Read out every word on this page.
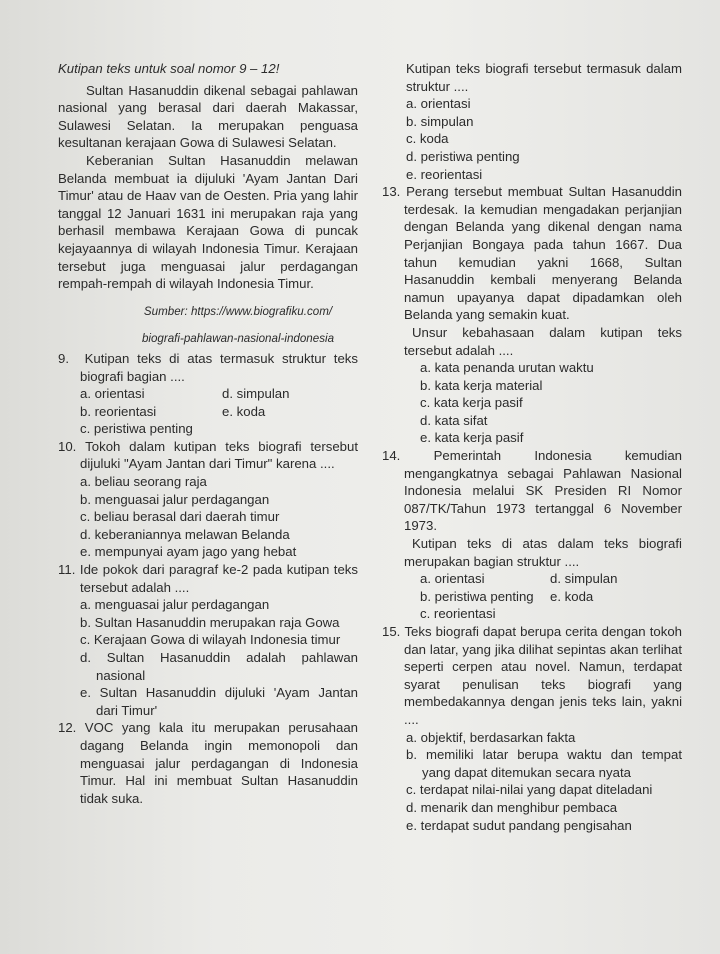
Kutipan teks untuk soal nomor 9 – 12!

Sultan Hasanuddin dikenal sebagai pahlawan nasional yang berasal dari daerah Makassar, Sulawesi Selatan. Ia merupakan penguasa kesultanan kerajaan Gowa di Sulawesi Selatan.

Keberanian Sultan Hasanuddin melawan Belanda membuat ia dijuluki 'Ayam Jantan Dari Timur' atau de Haav van de Oesten. Pria yang lahir tanggal 12 Januari 1631 ini merupakan raja yang berhasil membawa Kerajaan Gowa di puncak kejayaannya di wilayah Indonesia Timur. Kerajaan tersebut juga menguasai jalur perdagangan rempah-rempah di wilayah Indonesia Timur.

Sumber: https://www.biografiku.com/

biografi-pahlawan-nasional-indonesia

9. Kutipan teks di atas termasuk struktur teks biografi bagian ....

a. orientasi	d. simpulan
b. reorientasi	e. koda

c. peristiwa penting

10. Tokoh dalam kutipan teks biografi tersebut dijuluki "Ayam Jantan dari Timur" karena ....

a. beliau seorang raja

b. menguasai jalur perdagangan

c. beliau berasal dari daerah timur

d. keberaniannya melawan Belanda

e. mempunyai ayam jago yang hebat

11. Ide pokok dari paragraf ke-2 pada kutipan teks tersebut adalah ....

a. menguasai jalur perdagangan

b. Sultan Hasanuddin merupakan raja Gowa

c. Kerajaan Gowa di wilayah Indonesia timur

d. Sultan Hasanuddin adalah pahlawan nasional

e. Sultan Hasanuddin dijuluki 'Ayam Jantan dari Timur'

12. VOC yang kala itu merupakan perusahaan dagang Belanda ingin memonopoli dan menguasai jalur perdagangan di Indonesia Timur. Hal ini membuat Sultan Hasanuddin tidak suka.

Kutipan teks biografi tersebut termasuk dalam struktur ....

a. orientasi

b. simpulan

c. koda

d. peristiwa penting

e. reorientasi

13. Perang tersebut membuat Sultan Hasanuddin terdesak. Ia kemudian mengadakan perjanjian dengan Belanda yang dikenal dengan nama Perjanjian Bongaya pada tahun 1667. Dua tahun kemudian yakni 1668, Sultan Hasanuddin kembali menyerang Belanda namun upayanya dapat dipadamkan oleh Belanda yang semakin kuat.

Unsur kebahasaan dalam kutipan teks tersebut adalah ....

a. kata penanda urutan waktu

b. kata kerja material

c. kata kerja pasif

d. kata sifat

e. kata kerja pasif

14.	Pemerintah Indonesia kemudian mengangkatnya sebagai Pahlawan Nasional Indonesia melalui SK Presiden RI Nomor 087/TK/Tahun 1973 tertanggal 6 November 1973.

Kutipan teks di atas dalam teks biografi merupakan bagian struktur ....

a. orientasi	d. simpulan
b. peristiwa penting	e. koda

c. reorientasi

15. Teks biografi dapat berupa cerita dengan tokoh dan latar, yang jika dilihat sepintas akan terlihat seperti cerpen atau novel. Namun, terdapat syarat penulisan teks biografi yang membedakannya dengan jenis teks lain, yakni ....

a. objektif, berdasarkan fakta

b. memiliki latar berupa waktu dan tempat yang dapat ditemukan secara nyata

c. terdapat nilai-nilai yang dapat diteladani

d. menarik dan menghibur pembaca

e. terdapat sudut pandang pengisahan
